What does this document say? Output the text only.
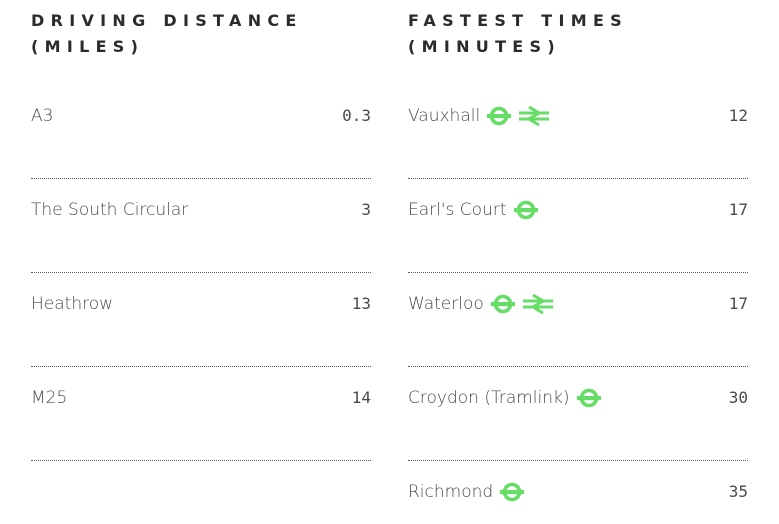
DRIVING DISTANCE
(MILES)
A3	0.3
The South Circular	3
Heathrow	13
M25	14
FASTEST TIMES
(MINUTES)
Vauxhall	12
Earl's Court	17
Waterloo	17
Croydon (Tramlink)	30
Richmond	35
